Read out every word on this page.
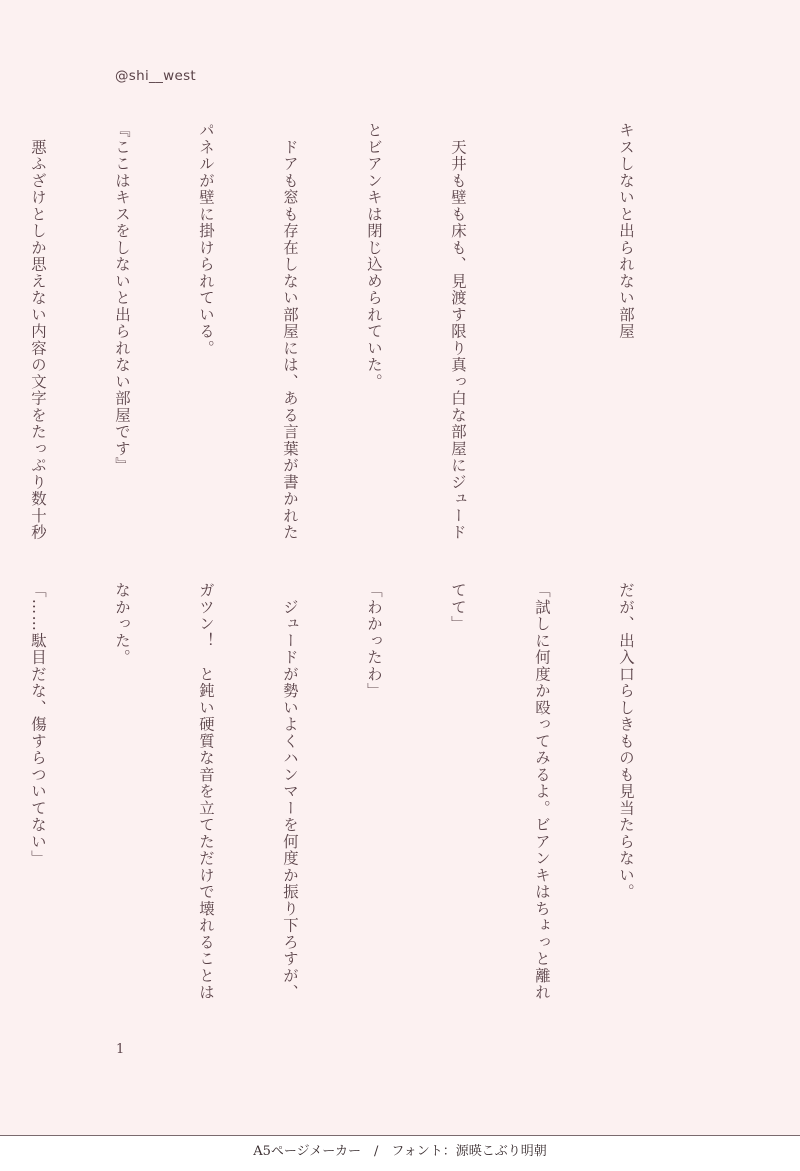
@shi__west

キスしないと出られない部屋

　天井も壁も床も、見渡す限り真っ白な部屋にジュード

とビアンキは閉じ込められていた。

　ドアも窓も存在しない部屋には、ある言葉が書かれた

パネルが壁に掛けられている。

『ここはキスをしないと出られない部屋です』

　悪ふざけとしか思えない内容の文字をたっぷり数十秒

だが、出入口らしきものも見当たらない。

「試しに何度か殴ってみるよ。ビアンキはちょっと離れ

てて」

「わかったわ」

　ジュードが勢いよくハンマーを何度か振り下ろすが、

ガツン！　と鈍い硬質な音を立てただけで壊れることは

なかった。

「……駄目だな、傷すらついてない」

1
A5ページメーカー　/　フォント：源暎こぶり明朝
